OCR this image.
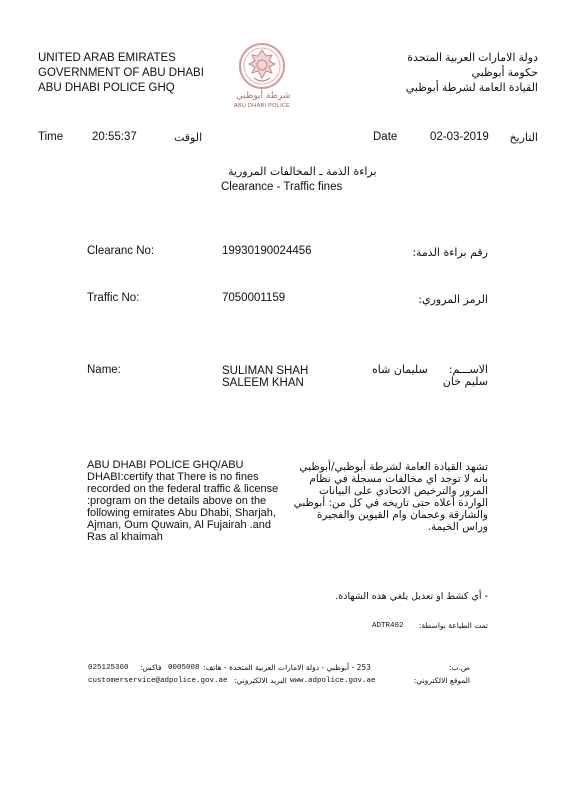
UNITED ARAB EMIRATES
GOVERNMENT OF ABU DHABI
ABU DHABI POLICE GHQ
شرطة أبوظبي
ABU DHABI POLICE
دولة الامارات العربية المتحدة
حكومة أبوظبي
القيادة العامة لشرطة أبوظبي
Time	20:55:37	الوقت	Date	02-03-2019 التاريخ
براءة الذمة ـ المخالفات المرورية
Clearance - Traffic fines
Clearanc No:	19930190024456	رقم براءة الذمة:
Traffic No:	7050001159	الرمز المروري:
Name:	SULIMAN SHAH
SALEEM KHAN
سليمان شاه الاســـم:
سليم خان
ABU DHABI POLICE GHQ/ABU DHABI:certify that There is no fines recorded on the federal traffic & license :program on the details above on the following emirates Abu Dhabi, Sharjah, Ajman, Oum Quwain, Al Fujairah .and Ras al khaimah
تشهد القيادة العامة لشرطة أبوظبي/أبوظبي بانه لا توجد اي مخالفات مسجلة في نظام المرور والترخيص الاتحادي على البيانات الواردة أعلاه حتى تاريخه في كل من: أبوظبي والشارقة وعجمان وام القيوين والفجيرة وراس الخيمة.
- أي كشط او تعديل يلغي هذه الشهادة.
ADTR402 تمت الطباعة بواسطة:
025125360 فاكس: 0005008 253 - أبوظبي - دولة الامارات العربية المتحدة - هاتف:	ص.ب:
customerservice@adpolice.gov.ae البريد الالكتروني: www.adpolice.gov.ae	الموقع الالكتروني:
